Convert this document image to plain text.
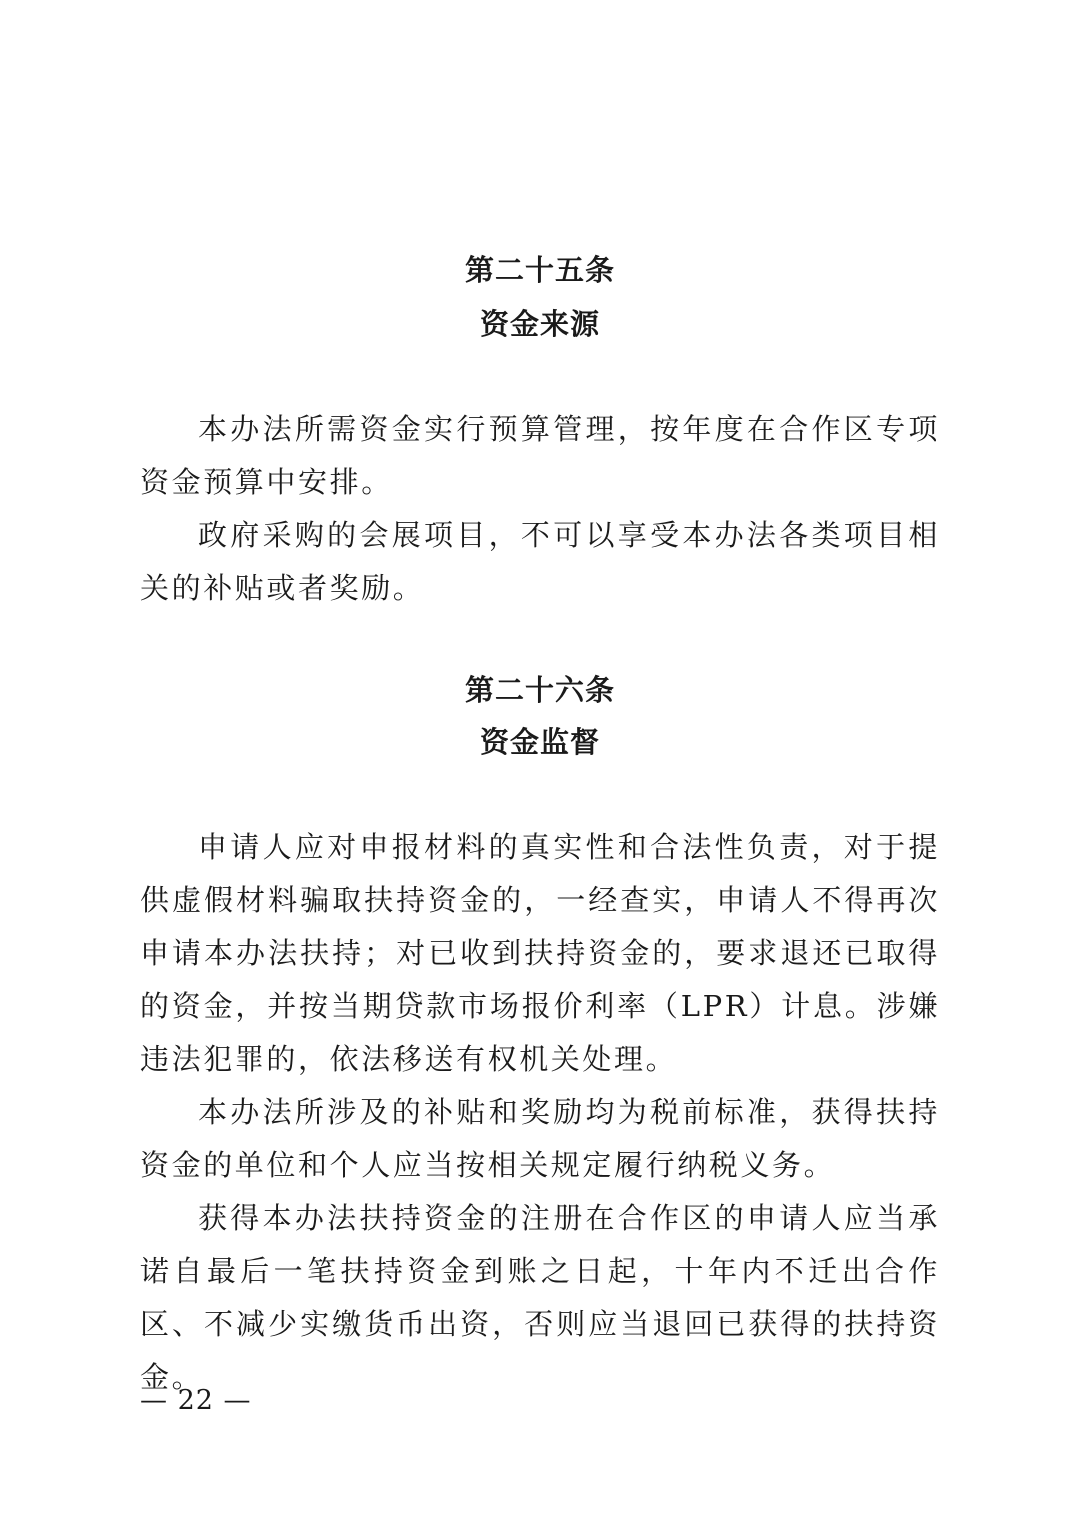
第二十五条
资金来源

本办法所需资金实行预算管理，按年度在合作区专项资金预算中安排。

政府采购的会展项目，不可以享受本办法各类项目相关的补贴或者奖励。

第二十六条
资金监督

申请人应对申报材料的真实性和合法性负责，对于提供虚假材料骗取扶持资金的，一经查实，申请人不得再次申请本办法扶持；对已收到扶持资金的，要求退还已取得的资金，并按当期贷款市场报价利率（LPR）计息。涉嫌违法犯罪的，依法移送有权机关处理。

本办法所涉及的补贴和奖励均为税前标准，获得扶持资金的单位和个人应当按相关规定履行纳税义务。

获得本办法扶持资金的注册在合作区的申请人应当承诺自最后一笔扶持资金到账之日起，十年内不迁出合作区、不减少实缴货币出资，否则应当退回已获得的扶持资金。

— 22 —
